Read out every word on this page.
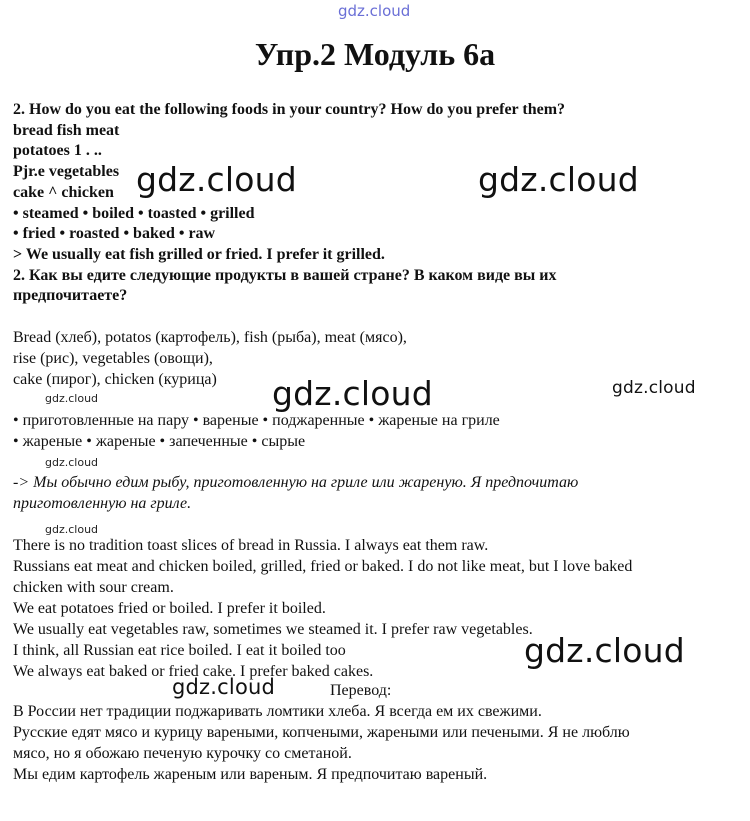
gdz.cloud
Упр.2 Модуль 6а
2. How do you eat the following foods in your country? How do you prefer them?
bread fish meat
potatoes 1 . ..
Pjr.e vegetables
cake ^ chicken
• steamed • boiled • toasted • grilled
• fried • roasted • baked • raw
> We usually eat fish grilled or fried. I prefer it grilled.
2. Как вы едите следующие продукты в вашей стране? В каком виде вы их
предпочитаете?
Bread (хлеб), potatos (картофель), fish (рыба), meat (мясо),
rise (рис), vegetables (овощи),
cake (пирог), chicken (курица)
• приготовленные на пару • вареные • поджаренные • жареные на гриле
• жареные • жареные • запеченные • сырые
-> Мы обычно едим рыбу, приготовленную на гриле или жареную. Я предпочитаю
приготовленную на гриле.
There is no tradition toast slices of bread in Russia. I always eat them raw.
Russians eat meat and chicken boiled, grilled, fried or baked. I do not like meat, but I love baked
chicken with sour cream.
We eat potatoes fried or boiled. I prefer it boiled.
We usually eat vegetables raw, sometimes we steamed it. I prefer raw vegetables.
I think, all Russian eat rice boiled. I eat it boiled too
We always eat baked or fried cake. I prefer baked cakes.
Перевод:
В России нет традиции поджаривать ломтики хлеба. Я всегда ем их свежими.
Русские едят мясо и курицу вареными, копчеными, жареными или печеными. Я не люблю
мясо, но я обожаю печеную курочку со сметаной.
Мы едим картофель жареным или вареным. Я предпочитаю вареный.
gdz.cloud	gdz.cloud
gdz.cloud
gdz.cloud
gdz.cloud
gdz.cloud
gdz.cloud
gdz.cloud
gdz.cloud
